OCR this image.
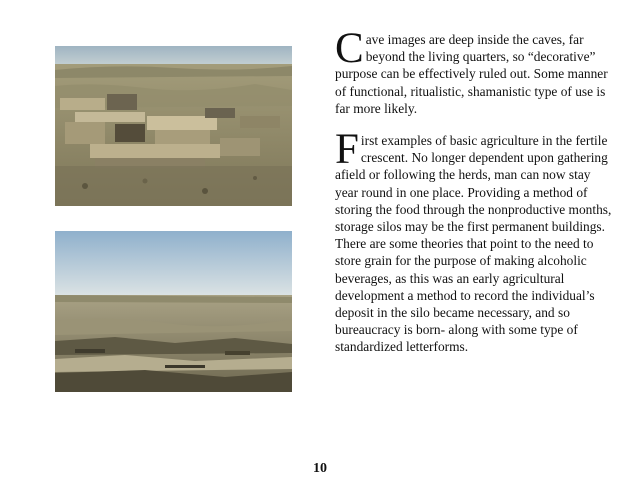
Cave images are deep inside the caves, far beyond the living quarters, so “decorative” purpose can be effectively ruled out. Some manner of functional, ritualistic, shamanistic type of use is far more likely.

First examples of basic agriculture in the fertile crescent. No longer dependent upon gathering afield or following the herds, man can now stay year round in one place. Providing a method of storing the food through the nonproductive months, storage silos may be the first permanent buildings. There are some theories that point to the need to store grain for the purpose of making alcoholic beverages, as this was an early agricultural development a method to record the individual’s deposit in the silo became necessary, and so bureaucracy is born- along with some type of standardized letterforms.

10
